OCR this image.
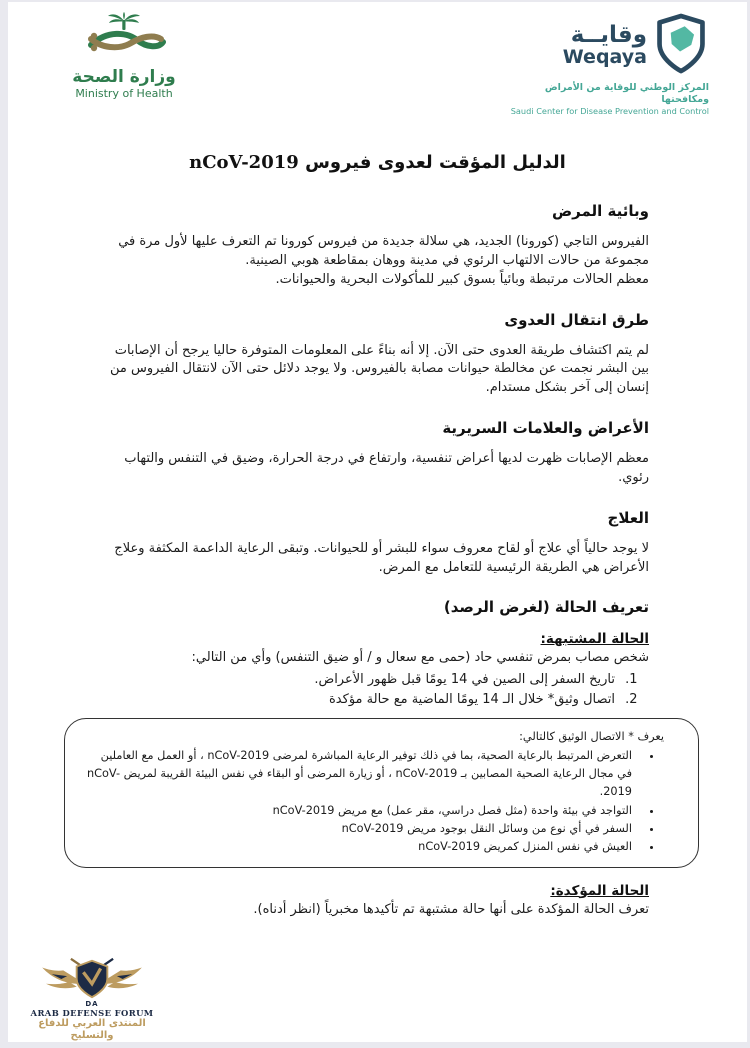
وزارة الصحة
Ministry of Health
وقايــة
Weqaya
المركز الوطني للوقاية من الأمراض ومكافحتها
Saudi Center for Disease Prevention and Control
الدليل المؤقت لعدوى فيروس nCoV-2019
وبائية المرض

الفيروس التاجي (كورونا) الجديد، هي سلالة جديدة من فيروس كورونا تم التعرف عليها لأول مرة في مجموعة من حالات الالتهاب الرئوي في مدينة ووهان بمقاطعة هوبي الصينية.

معظم الحالات مرتبطة وبائياً بسوق كبير للمأكولات البحرية والحيوانات.

طرق انتقال العدوى

لم يتم اكتشاف طريقة العدوى حتى الآن. إلا أنه بناءً على المعلومات المتوفرة حاليا يرجح أن الإصابات بين البشر نجمت عن مخالطة حيوانات مصابة بالفيروس. ولا يوجد دلائل حتى الآن لانتقال الفيروس من إنسان إلى آخر بشكل مستدام.

الأعراض والعلامات السريرية

معظم الإصابات ظهرت لديها أعراض تنفسية، وارتفاع في درجة الحرارة، وضيق في التنفس والتهاب رئوي.

العلاج

لا يوجد حالياً أي علاج أو لقاح معروف سواء للبشر أو للحيوانات. وتبقى الرعاية الداعمة المكثفة وعلاج الأعراض هي الطريقة الرئيسية للتعامل مع المرض.

تعريف الحالة (لغرض الرصد)
الحالة المشتبهة:

شخص مصاب بمرض تنفسي حاد (حمى مع سعال و / أو ضيق التنفس) وأي من التالي:

1. تاريخ السفر إلى الصين في 14 يومًا قبل ظهور الأعراض.
2. اتصال وثيق* خلال الـ 14 يومًا الماضية مع حالة مؤكدة

يعرف * الاتصال الوثيق كالتالي:

• التعرض المرتبط بالرعاية الصحية، بما في ذلك توفير الرعاية المباشرة لمرضى nCoV-2019 ، أو العمل مع العاملين في مجال الرعاية الصحية المصابين بـ nCoV-2019 ، أو زيارة المرضى أو البقاء في نفس البيئة القريبة لمريض nCoV-2019.
• التواجد في بيئة واحدة (مثل فصل دراسي، مقر عمل) مع مريض nCoV-2019
• السفر في أي نوع من وسائل النقل بوجود مريض nCoV-2019
• العيش في نفس المنزل كمريض nCoV-2019
الحالة المؤكدة:

تعرف الحالة المؤكدة على أنها حالة مشتبهة تم تأكيدها مخبرياً (انظر أدناه).

DA
ARAB DEFENSE FORUM
المنتدى العربي للدفاع والتسليح
